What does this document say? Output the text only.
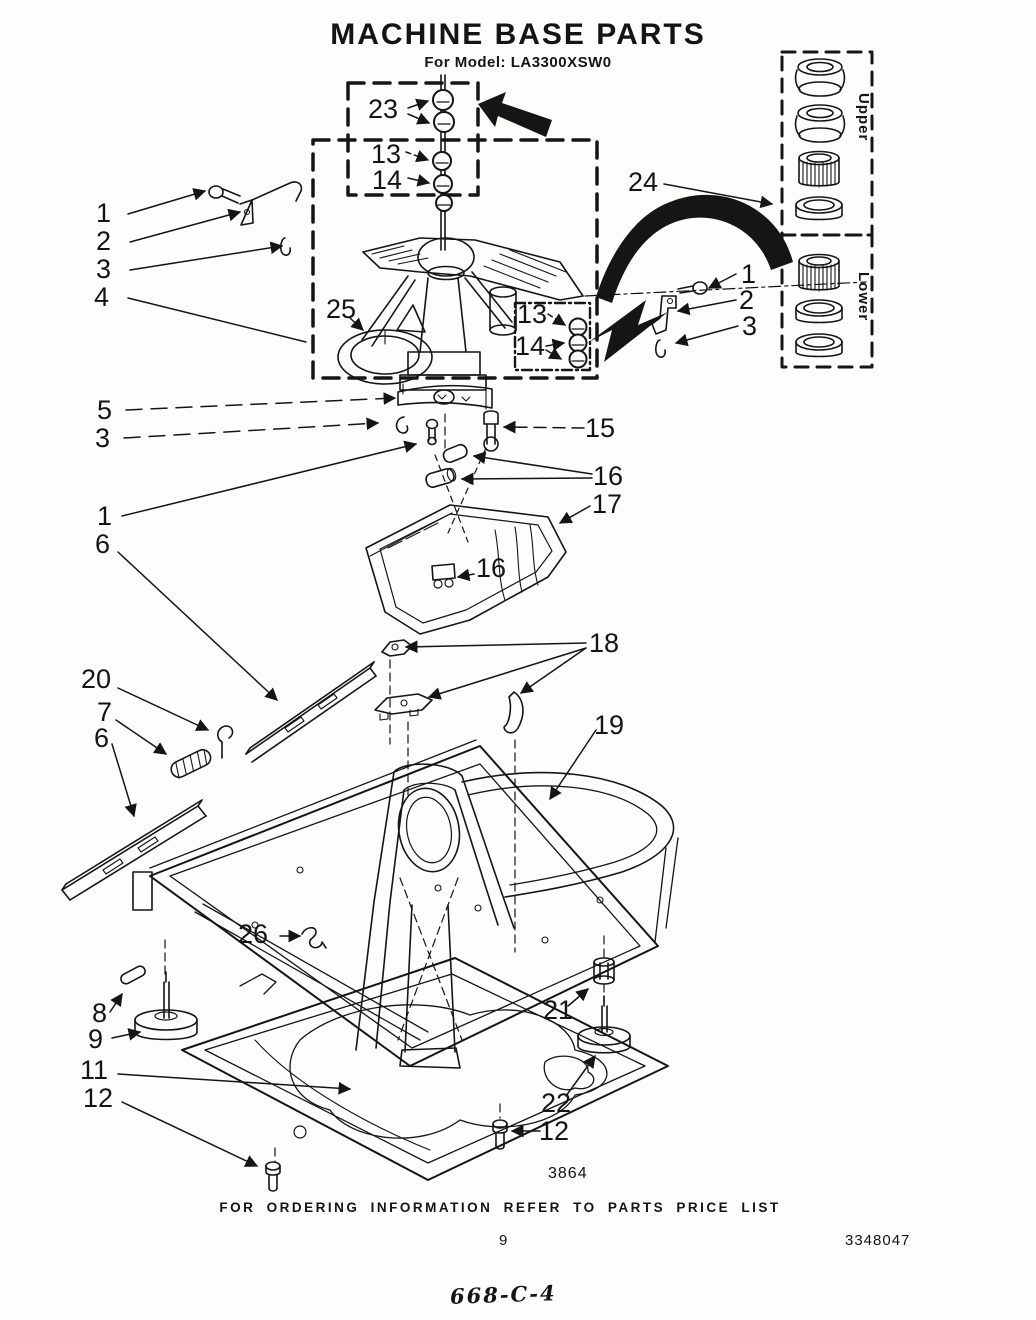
MACHINE BASE PARTS
For Model: LA3300XSW0
Upper
Lower
1
2
3
4
23
13
14	24
25	13
14
1
2
3
5
3	15
16
1
6
17
16
18
20
7
6	19
26
8
9
21
11
12	22
12
3864
FOR ORDERING INFORMATION REFER TO PARTS PRICE LIST
9	3348047
668-C-4
